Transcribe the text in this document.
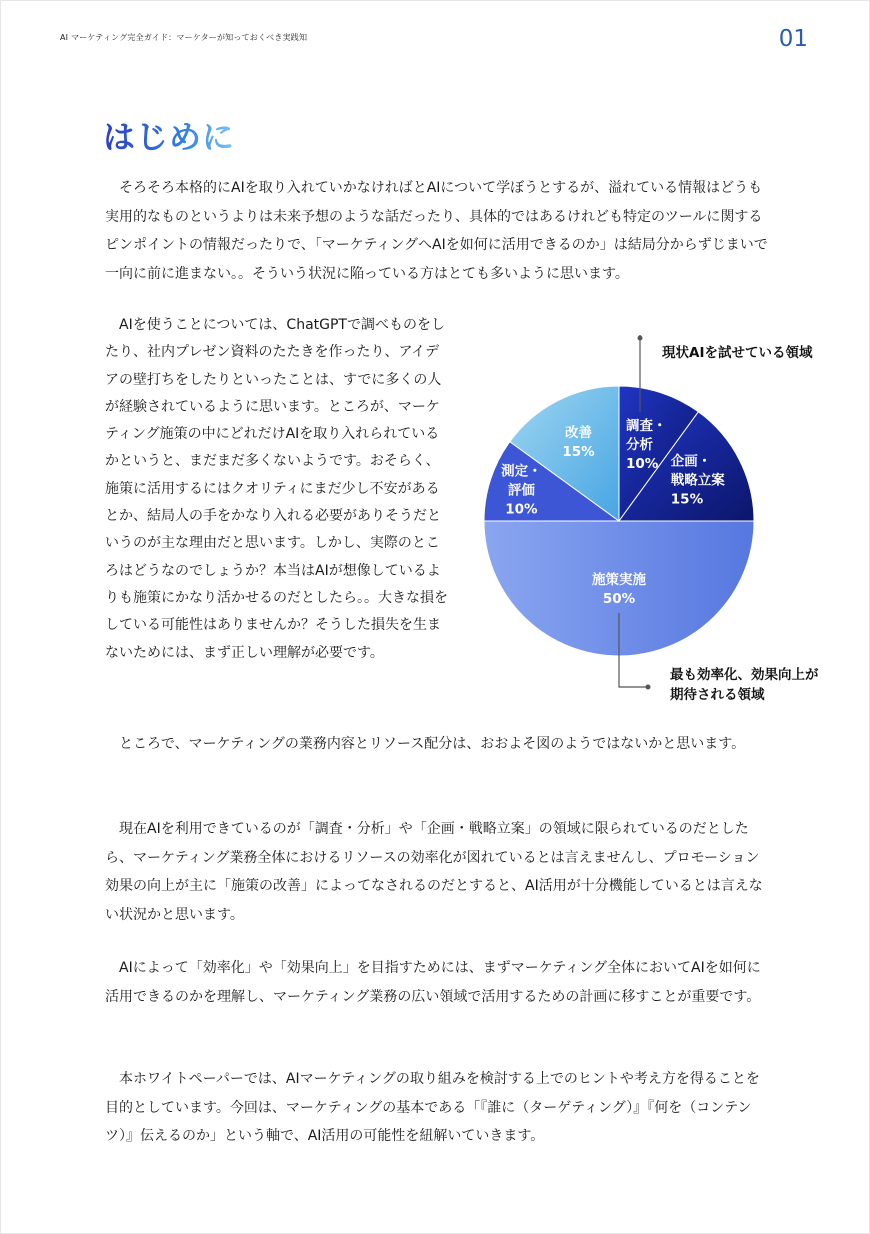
AI マーケティング完全ガイド：マーケターが知っておくべき実践知	01
はじめに

そろそろ本格的にAIを取り入れていかなければとAIについて学ぼうとするが、溢れている情報はどうも実用的なものというよりは未来予想のような話だったり、具体的ではあるけれども特定のツールに関するピンポイントの情報だったりで、「マーケティングへAIを如何に活用できるのか」は結局分からずじまいで一向に前に進まない。。そういう状況に陥っている方はとても多いように思います。

AIを使うことについては、ChatGPTで調べものをしたり、社内プレゼン資料のたたきを作ったり、アイデアの壁打ちをしたりといったことは、すでに多くの人が経験されているように思います。ところが、マーケティング施策の中にどれだけAIを取り入れられているかというと、まだまだ多くないようです。おそらく、施策に活用するにはクオリティにまだ少し不安があるとか、結局人の手をかなり入れる必要がありそうだというのが主な理由だと思います。しかし、実際のところはどうなのでしょうか？本当はAIが想像しているよりも施策にかなり活かせるのだとしたら。。大きな損をしている可能性はありませんか？そうした損失を生まないためには、まず正しい理解が必要です。

調査・分析 10% 企画・戦略立案 15%
施策実施 50%
測定・評価 10%
改善 15%
現状AIを試せている領域
最も効率化、効果向上が期待される領域

ところで、マーケティングの業務内容とリソース配分は、おおよそ図のようではないかと思います。

現在AIを利用できているのが「調査・分析」や「企画・戦略立案」の領域に限られているのだとしたら、マーケティング業務全体におけるリソースの効率化が図れているとは言えませんし、プロモーション効果の向上が主に「施策の改善」によってなされるのだとすると、AI活用が十分機能しているとは言えない状況かと思います。

AIによって「効率化」や「効果向上」を目指すためには、まずマーケティング全体においてAIを如何に活用できるのかを理解し、マーケティング業務の広い領域で活用するための計画に移すことが重要です。

本ホワイトペーパーでは、AIマーケティングの取り組みを検討する上でのヒントや考え方を得ることを目的としています。今回は、マーケティングの基本である「『誰に（ターゲティング）』『何を（コンテンツ）』伝えるのか」という軸で、AI活用の可能性を紐解いていきます。
